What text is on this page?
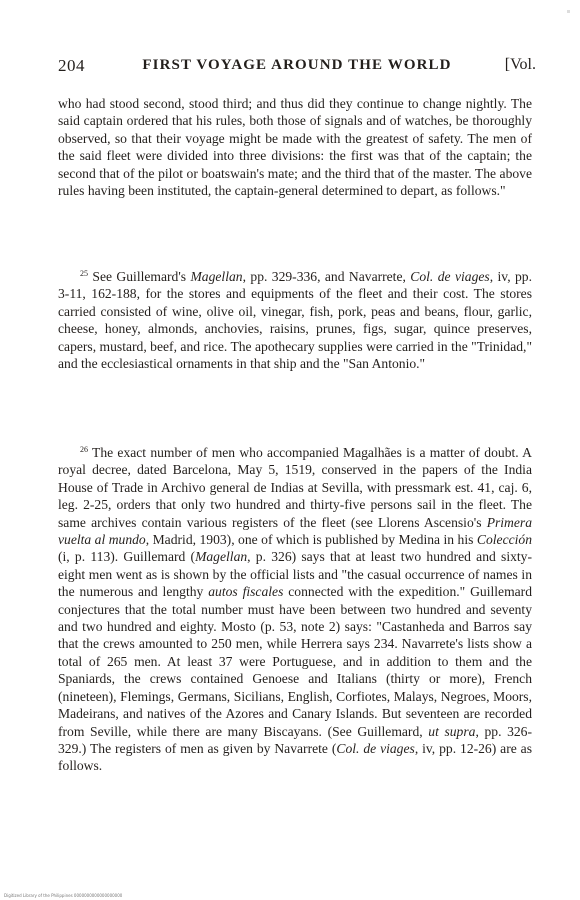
204	FIRST VOYAGE AROUND THE WORLD	[Vol.

who had stood second, stood third; and thus did they continue to change nightly. The said captain ordered that his rules, both those of signals and of watches, be thoroughly observed, so that their voyage might be made with the greatest of safety. The men of the said fleet were divided into three divisions: the first was that of the captain; the second that of the pilot or boatswain's mate; and the third that of the master. The above rules having been instituted, the captain-general determined to depart, as follows."

$^{25}$ See Guillemard's Magellan, pp. 329-336, and Navarrete, Col. de viages, iv, pp. 3-11, 162-188, for the stores and equipments of the fleet and their cost. The stores carried consisted of wine, olive oil, vinegar, fish, pork, peas and beans, flour, garlic, cheese, honey, almonds, anchovies, raisins, prunes, figs, sugar, quince preserves, capers, mustard, beef, and rice. The apothecary supplies were carried in the "Trinidad," and the ecclesiastical ornaments in that ship and the "San Antonio."

$^{26}$ The exact number of men who accompanied Magalhães is a matter of doubt. A royal decree, dated Barcelona, May 5, 1519, conserved in the papers of the India House of Trade in Archivo general de Indias at Sevilla, with pressmark est. 41, caj. 6, leg. 2-25, orders that only two hundred and thirty-five persons sail in the fleet. The same archives contain various registers of the fleet (see Llorens Ascensio's Primera vuelta al mundo, Madrid, 1903), one of which is published by Medina in his Colección (i, p. 113). Guillemard (Magellan, p. 326) says that at least two hundred and sixty-eight men went as is shown by the official lists and "the casual occurrence of names in the numerous and lengthy autos fiscales connected with the expedition." Guillemard conjectures that the total number must have been between two hundred and seventy and two hundred and eighty. Mosto (p. 53, note 2) says: "Castanheda and Barros say that the crews amounted to 250 men, while Herrera says 234. Navarrete's lists show a total of 265 men. At least 37 were Portuguese, and in addition to them and the Spaniards, the crews contained Genoese and Italians (thirty or more), French (nineteen), Flemings, Germans, Sicilians, English, Corfiotes, Malays, Negroes, Moors, Madeirans, and natives of the Azores and Canary Islands. But seventeen are recorded from Seville, while there are many Biscayans. (See Guillemard, ut supra, pp. 326-329.) The registers of men as given by Navarrete (Col. de viages, iv, pp. 12-26) are as follows.

Digitized Library of the Philippines 0000000000000000000
